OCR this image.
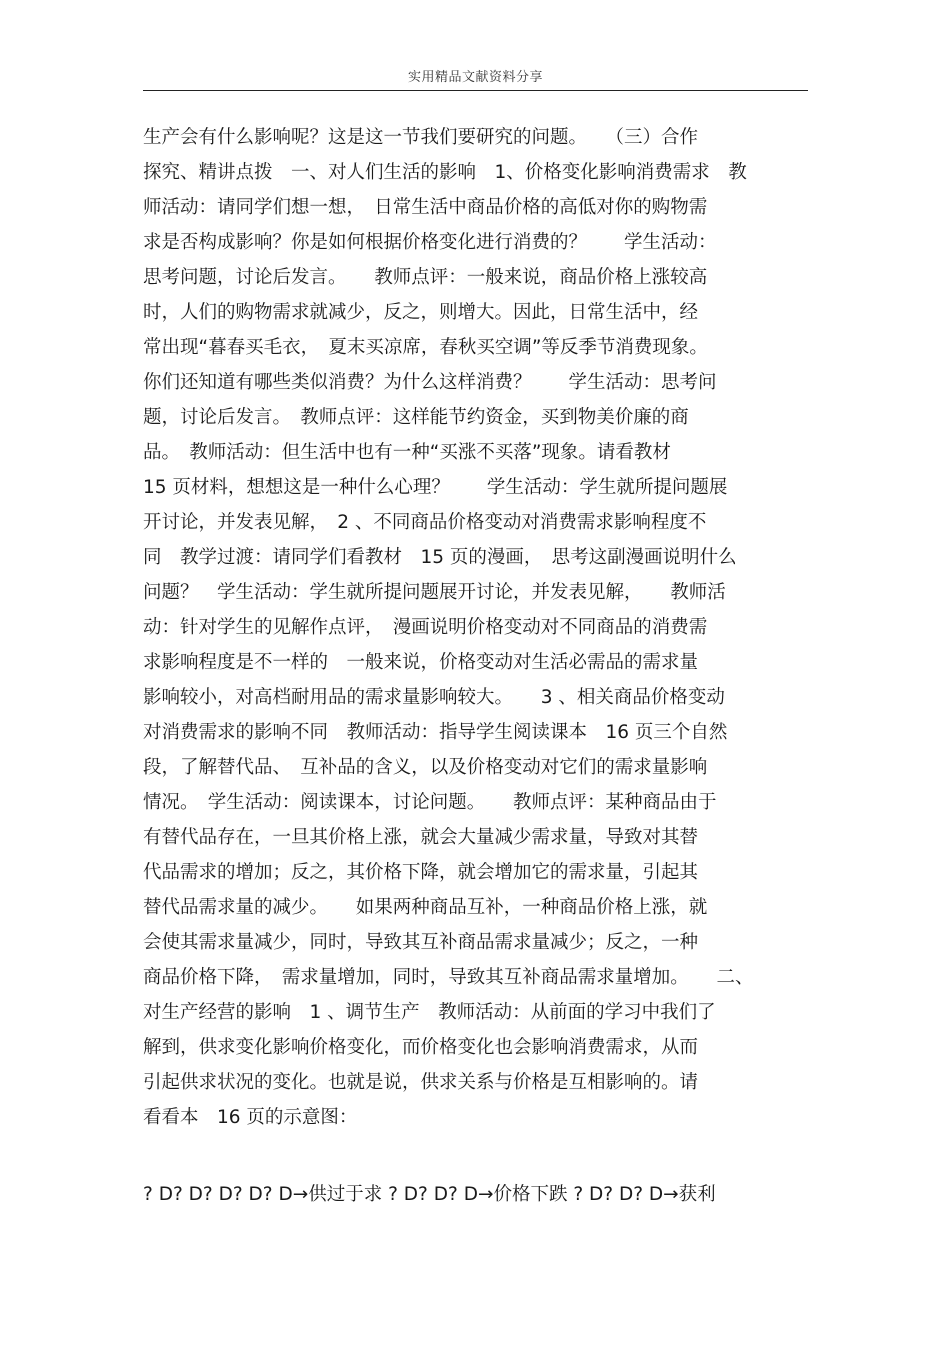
实用精品文献资料分享
生产会有什么影响呢？这是这一节我们要研究的问题。　　（三）合作
探究、精讲点拨　一、对人们生活的影响　1、价格变化影响消费需求　教
师活动：请同学们想一想，　日常生活中商品价格的高低对你的购物需
求是否构成影响？你是如何根据价格变化进行消费的？　　学生活动：
思考问题，讨论后发言。　　教师点评：一般来说，商品价格上涨较高
时，人们的购物需求就减少，反之，则增大。因此，日常生活中，经
常出现“暮春买毛衣，　夏末买凉席，春秋买空调”等反季节消费现象。
你们还知道有哪些类似消费？为什么这样消费？　　学生活动：思考问
题，讨论后发言。　教师点评：这样能节约资金，买到物美价廉的商
品。　教师活动：但生活中也有一种“买涨不买落”现象。请看教材
15 页材料，想想这是一种什么心理？　　学生活动：学生就所提问题展
开讨论，并发表见解，　2 、不同商品价格变动对消费需求影响程度不
同　教学过渡：请同学们看教材　15 页的漫画，　思考这副漫画说明什么
问题？　学生活动：学生就所提问题展开讨论，并发表见解，　　教师活
动：针对学生的见解作点评，　漫画说明价格变动对不同商品的消费需
求影响程度是不一样的　一般来说，价格变动对生活必需品的需求量
影响较小，对高档耐用品的需求量影响较大。　　3 、相关商品价格变动
对消费需求的影响不同　教师活动：指导学生阅读课本　16 页三个自然
段，了解替代品、　互补品的含义，以及价格变动对它们的需求量影响
情况。　学生活动：阅读课本，讨论问题。　　教师点评：某种商品由于
有替代品存在，一旦其价格上涨，就会大量减少需求量，导致对其替
代品需求的增加；反之，其价格下降，就会增加它的需求量，引起其
替代品需求量的减少。　　如果两种商品互补，一种商品价格上涨，就
会使其需求量减少，同时，导致其互补商品需求量减少；反之，一种
商品价格下降，　需求量增加，同时，导致其互补商品需求量增加。　　二、
对生产经营的影响　1 、调节生产　教师活动：从前面的学习中我们了
解到，供求变化影响价格变化，而价格变化也会影响消费需求，从而
引起供求状况的变化。也就是说，供求关系与价格是互相影响的。请
看看本　16 页的示意图：
? D? D? D? D? D→供过于求 ? D? D? D→价格下跌 ? D? D? D→获利
